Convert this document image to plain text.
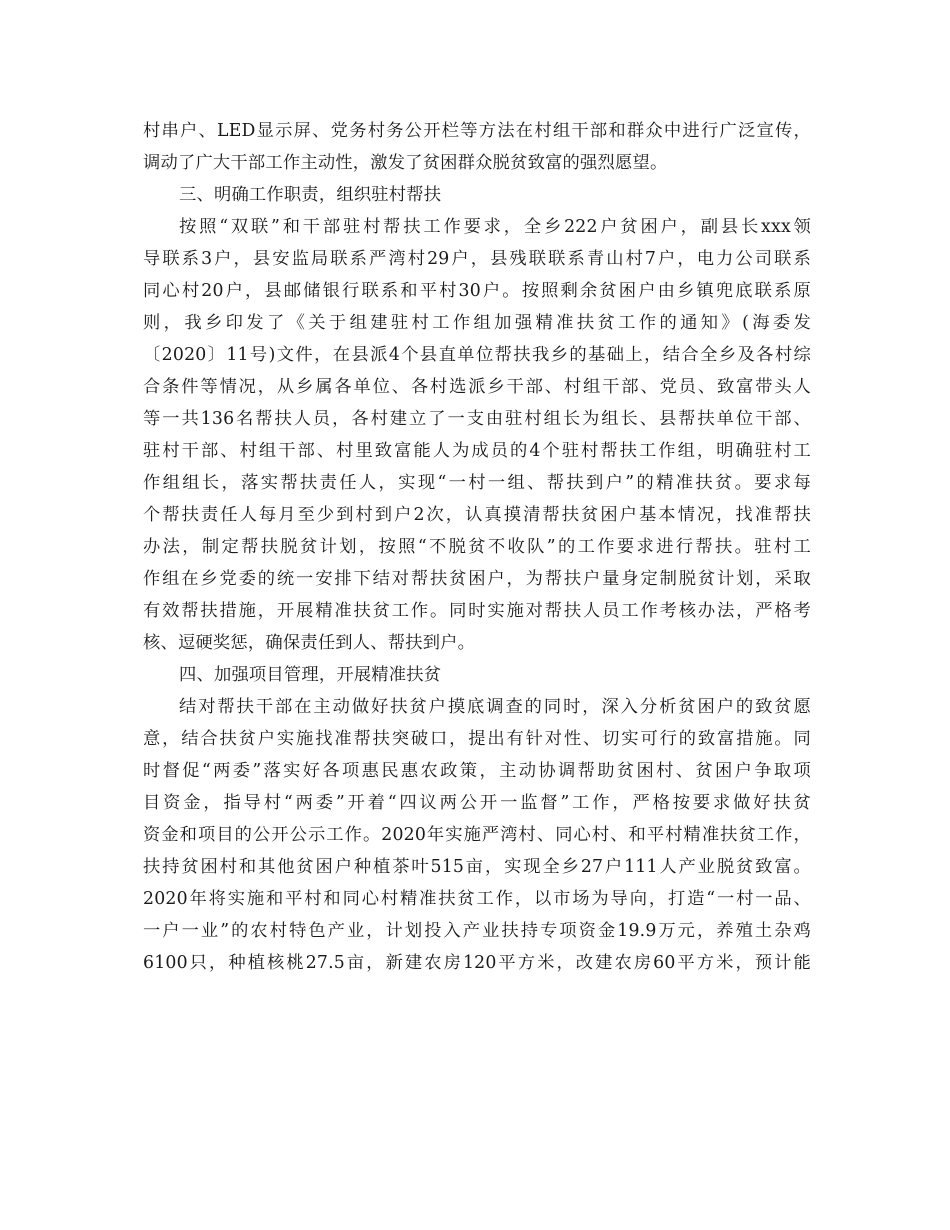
村串户、LED显示屏、党务村务公开栏等方法在村组干部和群众中进行广泛宣传，
调动了广大干部工作主动性，激发了贫困群众脱贫致富的强烈愿望。
三、明确工作职责，组织驻村帮扶
按照“双联”和干部驻村帮扶工作要求，全乡222户贫困户，副县长xxx领
导联系3户，县安监局联系严湾村29户，县残联联系青山村7户，电力公司联系
同心村20户，县邮储银行联系和平村30户。按照剩余贫困户由乡镇兜底联系原
则，我乡印发了《关于组建驻村工作组加强精准扶贫工作的通知》(海委发
〔2020〕11号)文件，在县派4个县直单位帮扶我乡的基础上，结合全乡及各村综
合条件等情况，从乡属各单位、各村选派乡干部、村组干部、党员、致富带头人
等一共136名帮扶人员，各村建立了一支由驻村组长为组长、县帮扶单位干部、
驻村干部、村组干部、村里致富能人为成员的4个驻村帮扶工作组，明确驻村工
作组组长，落实帮扶责任人，实现“一村一组、帮扶到户”的精准扶贫。要求每
个帮扶责任人每月至少到村到户2次，认真摸清帮扶贫困户基本情况，找准帮扶
办法，制定帮扶脱贫计划，按照“不脱贫不收队”的工作要求进行帮扶。驻村工
作组在乡党委的统一安排下结对帮扶贫困户，为帮扶户量身定制脱贫计划，采取
有效帮扶措施，开展精准扶贫工作。同时实施对帮扶人员工作考核办法，严格考
核、逗硬奖惩，确保责任到人、帮扶到户。
四、加强项目管理，开展精准扶贫
结对帮扶干部在主动做好扶贫户摸底调查的同时，深入分析贫困户的致贫愿
意，结合扶贫户实施找准帮扶突破口，提出有针对性、切实可行的致富措施。同
时督促“两委”落实好各项惠民惠农政策，主动协调帮助贫困村、贫困户争取项
目资金，指导村“两委”开着“四议两公开一监督”工作，严格按要求做好扶贫
资金和项目的公开公示工作。2020年实施严湾村、同心村、和平村精准扶贫工作，
扶持贫困村和其他贫困户种植茶叶515亩，实现全乡27户111人产业脱贫致富。
2020年将实施和平村和同心村精准扶贫工作，以市场为导向，打造“一村一品、
一户一业”的农村特色产业，计划投入产业扶持专项资金19.9万元，养殖土杂鸡
6100只，种植核桃27.5亩，新建农房120平方米，改建农房60平方米，预计能
